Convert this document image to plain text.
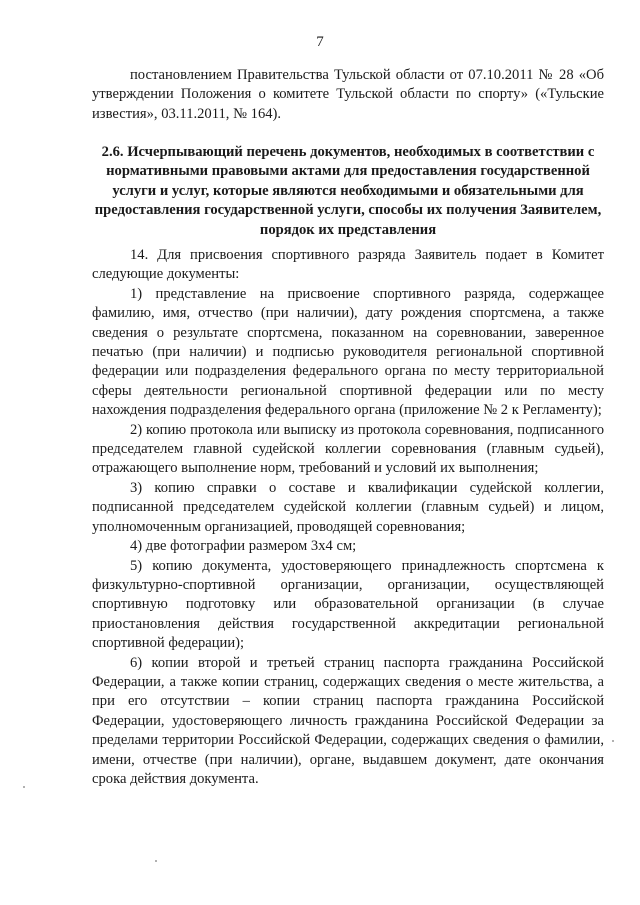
7

постановлением Правительства Тульской области от 07.10.2011 № 28 «Об утверждении Положения о комитете Тульской области по спорту» («Тульские известия», 03.11.2011, № 164).

2.6. Исчерпывающий перечень документов, необходимых в соответствии с нормативными правовыми актами для предоставления государственной услуги и услуг, которые являются необходимыми и обязательными для предоставления государственной услуги, способы их получения Заявителем, порядок их представления

14. Для присвоения спортивного разряда Заявитель подает в Комитет следующие документы:

1) представление на присвоение спортивного разряда, содержащее фамилию, имя, отчество (при наличии), дату рождения спортсмена, а также сведения о результате спортсмена, показанном на соревновании, заверенное печатью (при наличии) и подписью руководителя региональной спортивной федерации или подразделения федерального органа по месту территориальной сферы деятельности региональной спортивной федерации или по месту нахождения подразделения федерального органа (приложение № 2 к Регламенту);

2) копию протокола или выписку из протокола соревнования, подписанного председателем главной судейской коллегии соревнования (главным судьей), отражающего выполнение норм, требований и условий их выполнения;

3) копию справки о составе и квалификации судейской коллегии, подписанной председателем судейской коллегии (главным судьей) и лицом, уполномоченным организацией, проводящей соревнования;

4) две фотографии размером 3х4 см;

5) копию документа, удостоверяющего принадлежность спортсмена к физкультурно-спортивной организации, организации, осуществляющей спортивную подготовку или образовательной организации (в случае приостановления действия государственной аккредитации региональной спортивной федерации);

6) копии второй и третьей страниц паспорта гражданина Российской Федерации, а также копии страниц, содержащих сведения о месте жительства, а при его отсутствии – копии страниц паспорта гражданина Российской Федерации, удостоверяющего личность гражданина Российской Федерации за пределами территории Российской Федерации, содержащих сведения о фамилии, имени, отчестве (при наличии), органе, выдавшем документ, дате окончания срока действия документа.
